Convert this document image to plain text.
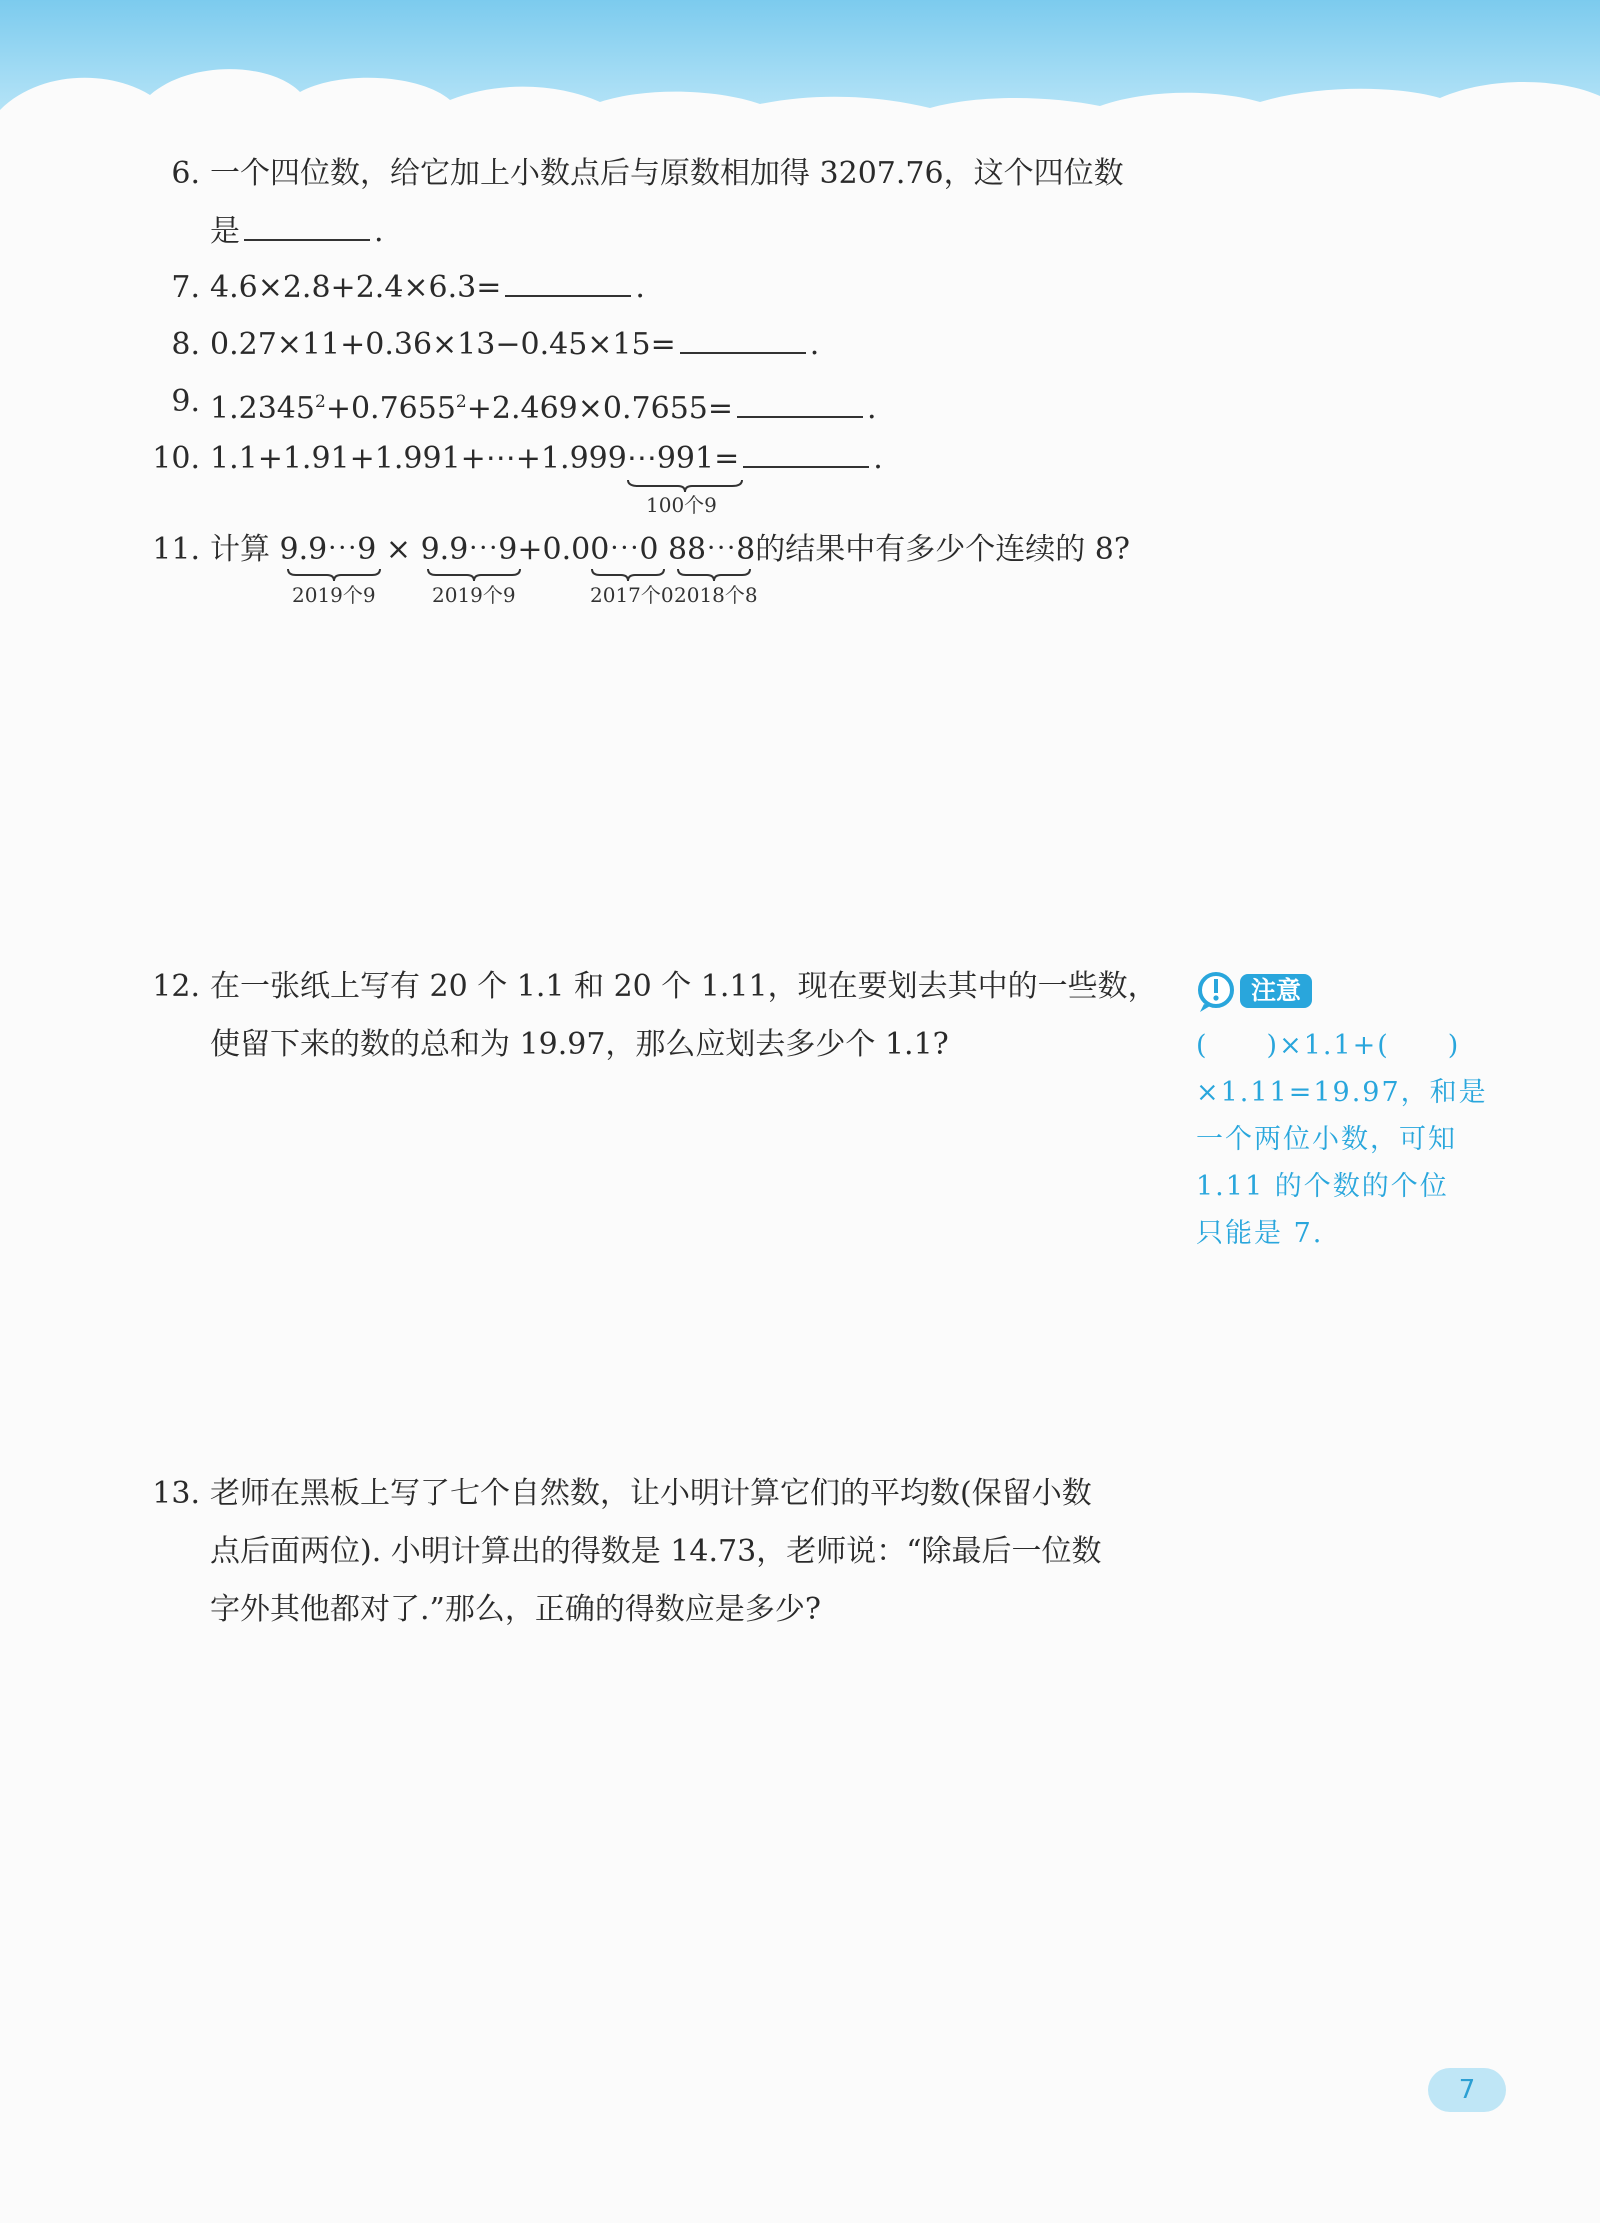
6. 一个四位数，给它加上小数点后与原数相加得 3207.76，这个四位数
是	.
7. 4.6×2.8+2.4×6.3=	.
8. 0.27×11+0.36×13−0.45×15=	.
9. $1.2345^2+0.7655^2+2.469\times 0.7655=$	.
10. 1.1+1.91+1.991+⋯+1.999⋯991=	.
100个9
11. 计算 9.9⋯9 × 9.9⋯9+0.00⋯0 88⋯8的结果中有多少个连续的 8?
2019个9	2019个9	2017个0 2018个8
12. 在一张纸上写有 20 个 1.1 和 20 个 1.11，现在要划去其中的一些数，
使留下来的数的总和为 19.97，那么应划去多少个 1.1?
注意
(　　)×1.1+(　　)
×1.11=19.97，和是
一个两位小数，可知
1.11 的个数的个位
只能是 7.
13. 老师在黑板上写了七个自然数，让小明计算它们的平均数(保留小数
点后面两位). 小明计算出的得数是 14.73，老师说：“除最后一位数
字外其他都对了.”那么，正确的得数应是多少?
7
